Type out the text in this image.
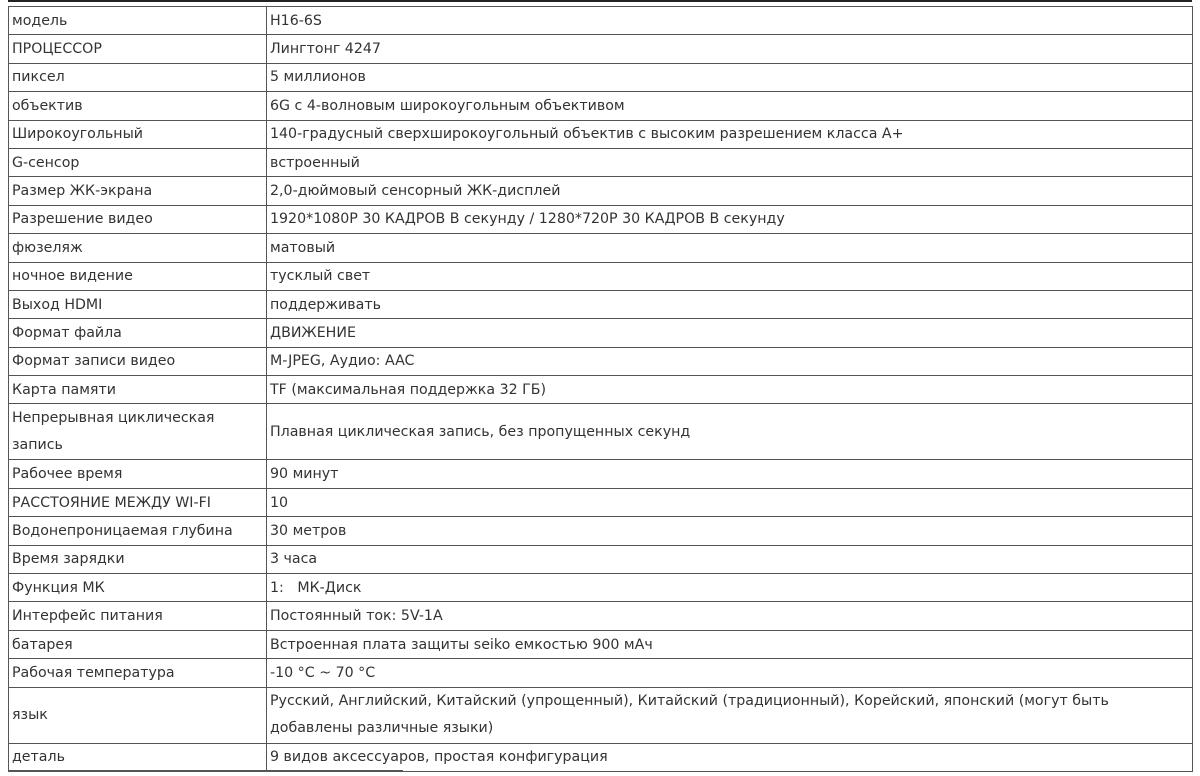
модель	H16-6S
ПРОЦЕССОР	Лингтонг 4247
пиксел	5 миллионов
объектив	6G с 4-волновым широкоугольным объективом
Широкоугольный	140-градусный сверхширокоугольный объектив с высоким разрешением класса A+
G-сенсор	встроенный
Размер ЖК-экрана	2,0-дюймовый сенсорный ЖК-дисплей
Разрешение видео	1920*1080P 30 КАДРОВ В секунду / 1280*720P 30 КАДРОВ В секунду
фюзеляж	матовый
ночное видение	тусклый свет
Выход HDMI	поддерживать
Формат файла	ДВИЖЕНИЕ
Формат записи видео	M-JPEG, Аудио: AAC
Карта памяти	TF (максимальная поддержка 32 ГБ)
Непрерывная циклическая запись	Плавная циклическая запись, без пропущенных секунд
Рабочее время	90 минут
РАССТОЯНИЕ МЕЖДУ WI-FI	10
Водонепроницаемая глубина	30 метров
Время зарядки	3 часа
Функция МК	1:   МК-Диск
Интерфейс питания	Постоянный ток: 5V-1A
батарея	Встроенная плата защиты seiko емкостью 900 мАч
Рабочая температура	-10 °C ~ 70 °C
язык	Русский, Английский, Китайский (упрощенный), Китайский (традиционный), Корейский, японский (могут быть добавлены различные языки)
деталь	9 видов аксессуаров, простая конфигурация
